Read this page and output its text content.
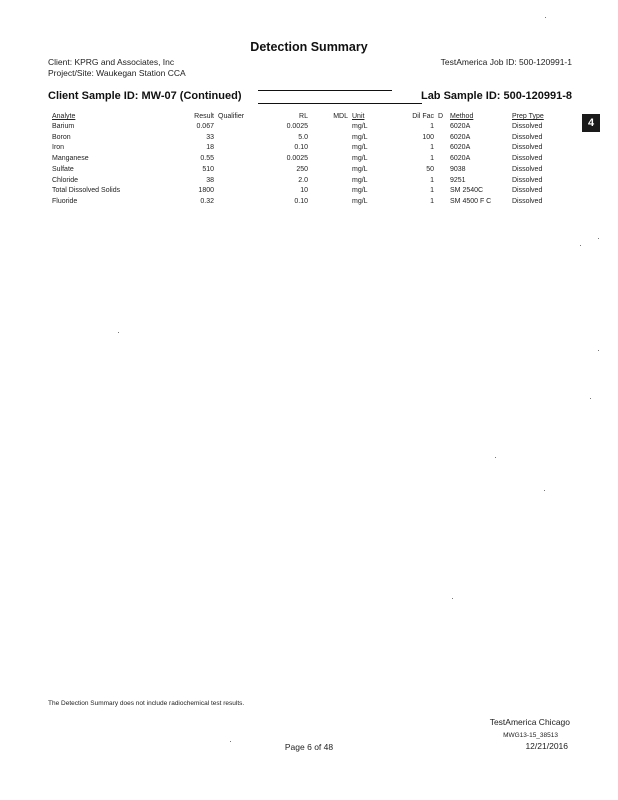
Detection Summary
Client: KPRG and Associates, Inc
Project/Site: Waukegan Station CCA
TestAmerica Job ID: 500-120991-1
Client Sample ID: MW-07 (Continued)	Lab Sample ID: 500-120991-8
4
Analyte	Result	Qualifier	RL	MDL	Unit	Dil Fac	D	Method	Prep Type
Barium	0.067		0.0025		mg/L	1		6020A	Dissolved
Boron	33		5.0		mg/L	100		6020A	Dissolved
Iron	18		0.10		mg/L	1		6020A	Dissolved
Manganese	0.55		0.0025		mg/L	1		6020A	Dissolved
Sulfate	510		250		mg/L	50		9038	Dissolved
Chloride	38		2.0		mg/L	1		9251	Dissolved
Total Dissolved Solids	1800		10		mg/L	1		SM 2540C	Dissolved
Fluoride	0.32		0.10		mg/L	1		SM 4500 F C	Dissolved
The Detection Summary does not include radiochemical test results.
TestAmerica Chicago
Page 6 of 48
MWG13-15_38513
12/21/2016
